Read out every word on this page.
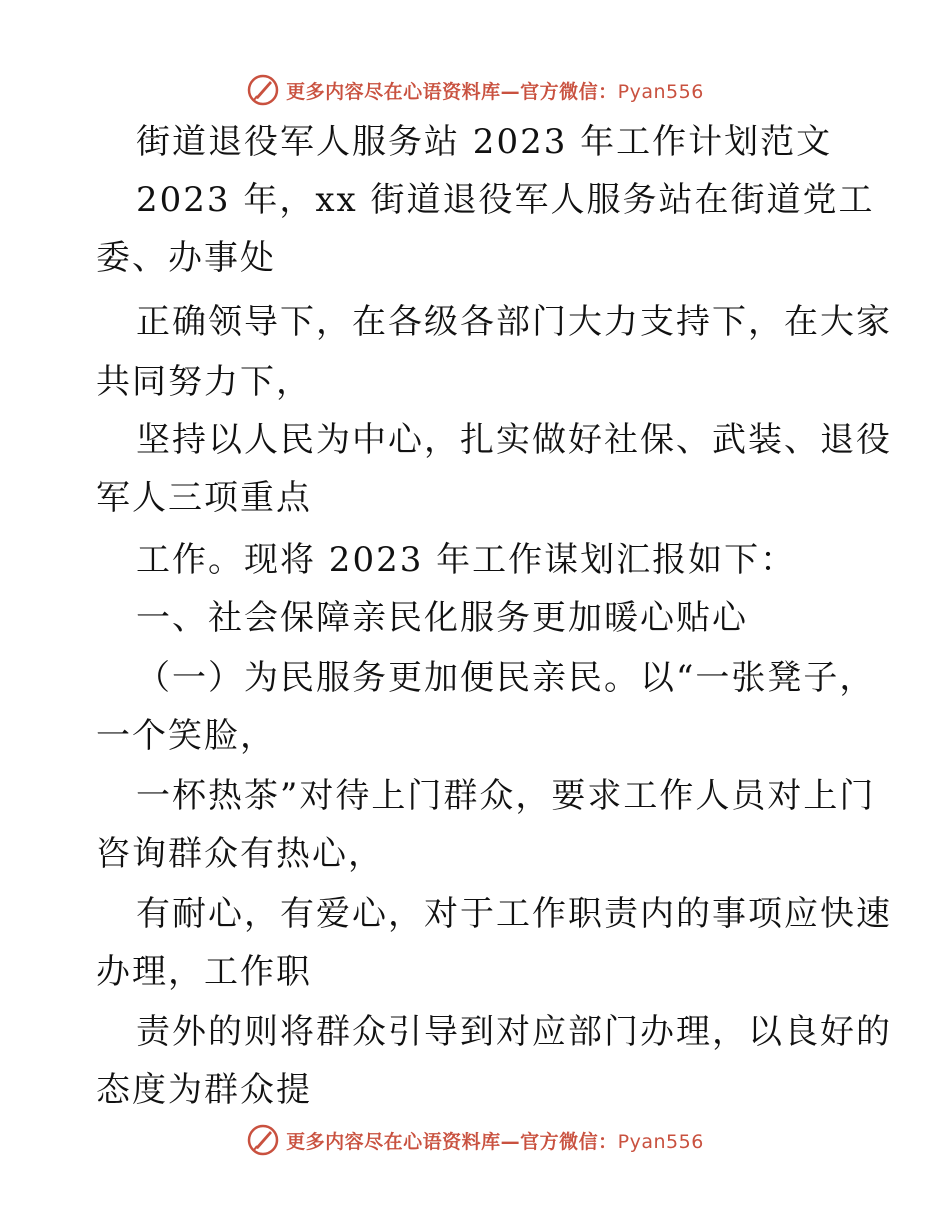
更多内容尽在心语资料库—官方微信：Pyan556
街道退役军人服务站 2023 年工作计划范文
2023 年，xx 街道退役军人服务站在街道党工
委、办事处
正确领导下，在各级各部门大力支持下，在大家
共同努力下，
坚持以人民为中心，扎实做好社保、武装、退役
军人三项重点
工作。现将 2023 年工作谋划汇报如下：
一、社会保障亲民化服务更加暖心贴心
（一）为民服务更加便民亲民。以“一张凳子，
一个笑脸，
一杯热茶”对待上门群众，要求工作人员对上门
咨询群众有热心，
有耐心，有爱心，对于工作职责内的事项应快速
办理，工作职
责外的则将群众引导到对应部门办理，以良好的
态度为群众提
更多内容尽在心语资料库—官方微信：Pyan556
